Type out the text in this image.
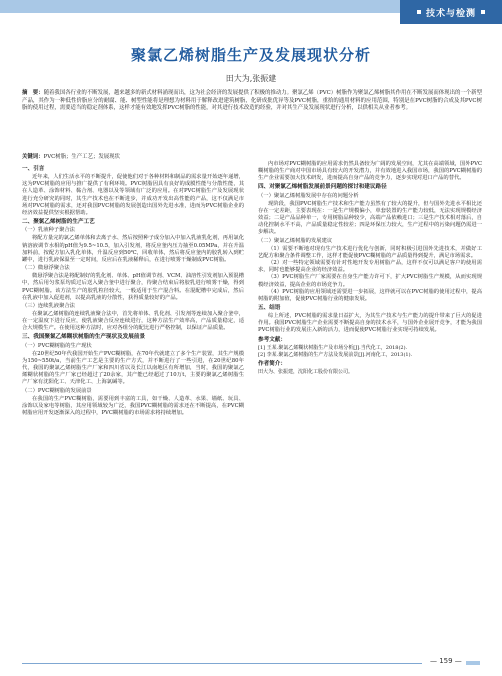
技术与检测
聚氯乙烯树脂生产及发展现状分析
田大为,张振建
摘　要：随着我国各行业的不断发展，越来越多的新式材料涌现而出，这为社会经济的发展提供了积极的推动力。聚氯乙烯（PVC）树脂作为聚氯乙烯树脂其作用在不断发展而体现出的一个新型产品，其作为一种低性价脂应分的耐腐、能、树型性能将是理想为材料用于解释改进建筑树脂，化研成批优异等及PVC树脂，重拾的通用材料的应用范围，特别是在PVC树脂的合成及其PVC树脂的使用过程，需要适当的稳定剂体系，这样才能有效地发挥PVC树脂的性能，对其进行技术改造的经验，并对其生产及发展现状进行分析，以供相关从业者参考。
关键词：PVC树脂；生产工艺；发展现状
一、引言
近年来，人们生活水平的不断提升，促使他们对于各种材料和制品的需求量开始逐年递增，这为PVC树脂的应用与推广提供了有利环境。PVC树脂因具有良好的成膜性能与分散性能，其在人造革、涂饰材料、黏合剂、电器以及等领域有广泛的应用。在对PVC树脂生产及发展现状进行充分研究的同时，其生产技术也在不断进步，并成功开发出高性能的产品，这不仅满足市场对PVC树脂的需求，还对我国PVC树脂的发展创造出国外先进水准，进而为PVC树脂企业的经济效益提供坚实根据帮助。
二、聚氯乙烯树脂的生产工艺
（一）乳液种子聚合法
将配方量完的氯乙烯单体和去离子水、然后按照种子成分加入中加入乳液乳化剂，再用氯化钠溶液调节水相的pH值为9.5~10.5，加入引发剂，将反应釜内压力抽至0.05MPa，并在升温加料前，按配方加入乳化单体，升温反应到50℃，回收单体，然后将反应釜内的胶乳转入到贮罐中，进行乳液保温至一定时间，反应后在乳液稀释后，在进行喷雾干燥制成PVC树脂。
（二）微悬浮聚合法
微悬浮聚合法是将配制好的乳化剂、单体、pH值调节剂、VCM、油溶性引发剂加入预混槽中，然后用匀浆泵均质过后送入聚合釜中进行聚合，待聚合结束后将胶乳进行喷雾干燥，得到PVC糊树脂。该方法生产的胶乳粒径较大，一般适用于生产混合料。在混配槽中完成后，然后在乳液中加入促进剂，以提高乳液的分散性，获得质量较好的产品。
（三）连续乳液聚合法
在聚氯乙烯树脂的连续乳液聚合法中，首先将单体、乳化剂、引发剂等连续加入聚合釜中，在一定温度下进行反应，使乳液聚合反应连续进行，这种方法生产效率高，产品质量稳定，适合大规模生产。在使用这种方法时，应对各组分的配比进行严格控制，以保证产品质量。
三、我国聚氯乙烯糊状树脂的生产现状及发展前景
（一）PVC糊树脂的生产现状
在20世纪50年代我国开始生产PVC糊树脂，在70年代就建立了多个生产装置，其生产规模为150~550t/a，当前生产工艺是主要的生产方式，并不断进行了一些引进，在20世纪80年代，我国的聚氯乙烯树脂生产厂家和四川省以及长江以南地区有所增加，当时，我国的聚氯乙烯糊状树脂的生产厂家已经超过了20余家，其产能已经超过了10万t，主要的聚氯乙烯树脂生产厂家有沈阳化工、天津化工、上海氯碱等。
（二）PVC糊树脂的发展前景
在我国的生产PVC糊树脂，需要用到丰富的工具，如干燥、人造革、水果、墙纸、玩具、涂饰以及家电等树脂，其应用领域较为广泛，我国PVC糊树脂的需求还在不断提高，在PVC糊树脂应用开发逐渐深入的过程中，PVC糊树脂的市场需求将持续增加。
内市场对PVC糊树脂的应用需求仍然具备较为广阔的发展空间，尤其在高端领域，国外PVC糊树脂的生产商对中国市场具有较大的开发潜力，并有效地进入我国市场，我国的PVC糊树脂的生产企业需要加大技术研发，进而提高自身产品的竞争力，逐步实现对进口产品的替代。
四、对聚氯乙烯树脂发展前景问题的探讨和建议路径
（一）聚氯乙烯树脂发展中存在的问题分析
现阶段，我国PVC树脂生产技术和生产能力虽然有了较大的提升，但与国外先进水平相比还存在一定差距，主要表现在：一是生产规模偏小，单套装置的生产能力较低，无法实现规模经济效益；二是产品品种单一，专用树脂品种较少，高端产品依赖进口；三是生产技术相对落后，自动化控制水平不高，产品质量稳定性较差；四是环保压力较大，生产过程中的污染问题仍需进一步解决。
（二）聚氯乙烯树脂的发展建议
（1）需要不断地对现有生产技术进行优化与创新，同时积极引进国外先进技术，并做好工艺配方和聚合条件调整工作，这样才能促使PVC糊树脂的产品质量得到提升，满足市场需求。
（2）对一些特定领域需要有针对性地开发专用树脂产品，这样不仅可以满足客户的使用需求，同时也能够提高企业的经济效益。
（3）PVC树脂生产厂家需要在自身生产能力许可下，扩大PVC树脂生产规模，从而实现规模经济效益，提高企业的市场竞争力。
（4）PVC树脂的应用领域还需要进一步拓展，这样就可以在PVC树脂的使用过程中，提高树脂的附加值，促使PVC树脂行业的健康发展。
五、结语
综上所述，PVC树脂的需求量日益扩大，为其生产技术与生产能力的提升带来了巨大的促进作用。我国PVC树脂生产企业需要不断提高自身的技术水平，与国外企业展开竞争，才能为我国PVC树脂行业的发展注入新的活力，进而促使PVC树脂行业实现可持续发展。
参考文献：
[1] 王某.聚氯乙烯糊状树脂生产及市场分析[J].当代化工，2018(2).
[2] 李某.聚氯乙烯树脂的生产方法及发展前景[J].河南化工，2013(1).
作者简介：
田大为、张振建，沈阳化工股份有限公司。
— 159 —
